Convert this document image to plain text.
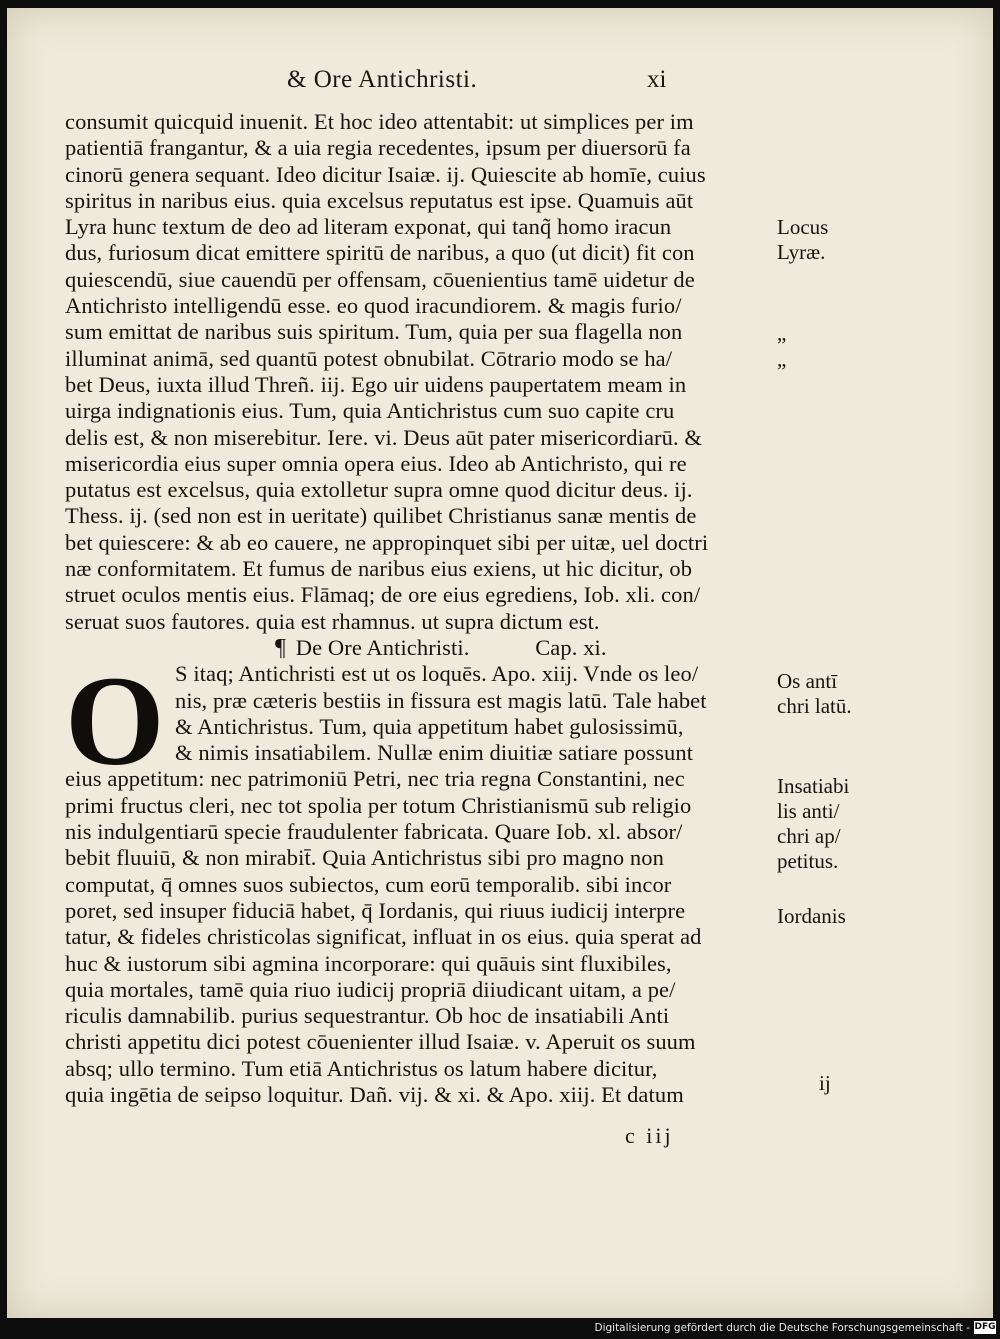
& Ore Antichristi.	xi
consumit quicquid inuenit. Et hoc ideo attentabit: ut simplices per im
patientiā frangantur, & a uia regia recedentes, ipsum per diuersorū fa
cinorū genera sequant. Ideo dicitur Isaiæ. ij. Quiescite ab homīe, cuius
spiritus in naribus eius. quia excelsus reputatus est ipse. Quamuis aūt
Lyra hunc textum de deo ad literam exponat, qui tanq̃ homo iracun
dus, furiosum dicat emittere spiritū de naribus, a quo (ut dicit) fit con
quiescendū, siue cauendū per offensam, cōuenientius tamē uidetur de
Antichristo intelligendū esse. eo quod iracundiorem. & magis furio/
sum emittat de naribus suis spiritum. Tum, quia per sua flagella non
illuminat animā, sed quantū potest obnubilat. Cōtrario modo se ha/
bet Deus, iuxta illud Threñ. iij. Ego uir uidens paupertatem meam in
uirga indignationis eius. Tum, quia Antichristus cum suo capite cru
delis est, & non miserebitur. Iere. vi. Deus aūt pater misericordiarū. &
misericordia eius super omnia opera eius. Ideo ab Antichristo, qui re
putatus est excelsus, quia extolletur supra omne quod dicitur deus. ij.
Thess. ij. (sed non est in ueritate) quilibet Christianus sanæ mentis de
bet quiescere: & ab eo cauere, ne appropinquet sibi per uitæ, uel doctri
næ conformitatem. Et fumus de naribus eius exiens, ut hic dicitur, ob
struet oculos mentis eius. Flāmaq; de ore eius egrediens, Iob. xli. con/
seruat suos fautores. quia est rhamnus. ut supra dictum est.
¶ De Ore Antichristi.	Cap. xi.
S itaq; Antichristi est ut os loquēs. Apo. xiij. Vnde os leo/
nis, præ cæteris bestiis in fissura est magis latū. Tale habet
& Antichristus. Tum, quia appetitum habet gulosissimū,
& nimis insatiabilem. Nullæ enim diuitiæ satiare possunt
eius appetitum: nec patrimoniū Petri, nec tria regna Constantini, nec
primi fructus cleri, nec tot spolia per totum Christianismū sub religio
nis indulgentiarū specie fraudulenter fabricata. Quare Iob. xl. absor/
bebit fluuiū, & non mirabit̄. Quia Antichristus sibi pro magno non
computat, q̄ omnes suos subiectos, cum eorū temporalib. sibi incor
poret, sed insuper fiduciā habet, q̄ Iordanis, qui riuus iudicij interpre
tatur, & fideles christicolas significat, influat in os eius. quia sperat ad
huc & iustorum sibi agmina incorporare: qui quāuis sint fluxibiles,
quia mortales, tamē quia riuo iudicij propriā diiudicant uitam, a pe/
riculis damnabilib. purius sequestrantur. Ob hoc de insatiabili Anti
christi appetitu dici potest cōuenienter illud Isaiæ. v. Aperuit os suum
absq; ullo termino. Tum etiā Antichristus os latum habere dicitur,
quia ingētia de seipso loquitur. Dañ. vij. & xi. & Apo. xiij. Et datum
O
Locus
Lyræ.
„
„
Os antī
chri latū.
Insatiabi
lis anti/
chri ap/
petitus.
Iordanis
ij
c iij
Digitalisierung gefördert durch die Deutsche Forschungsgemeinschaft - DFG
